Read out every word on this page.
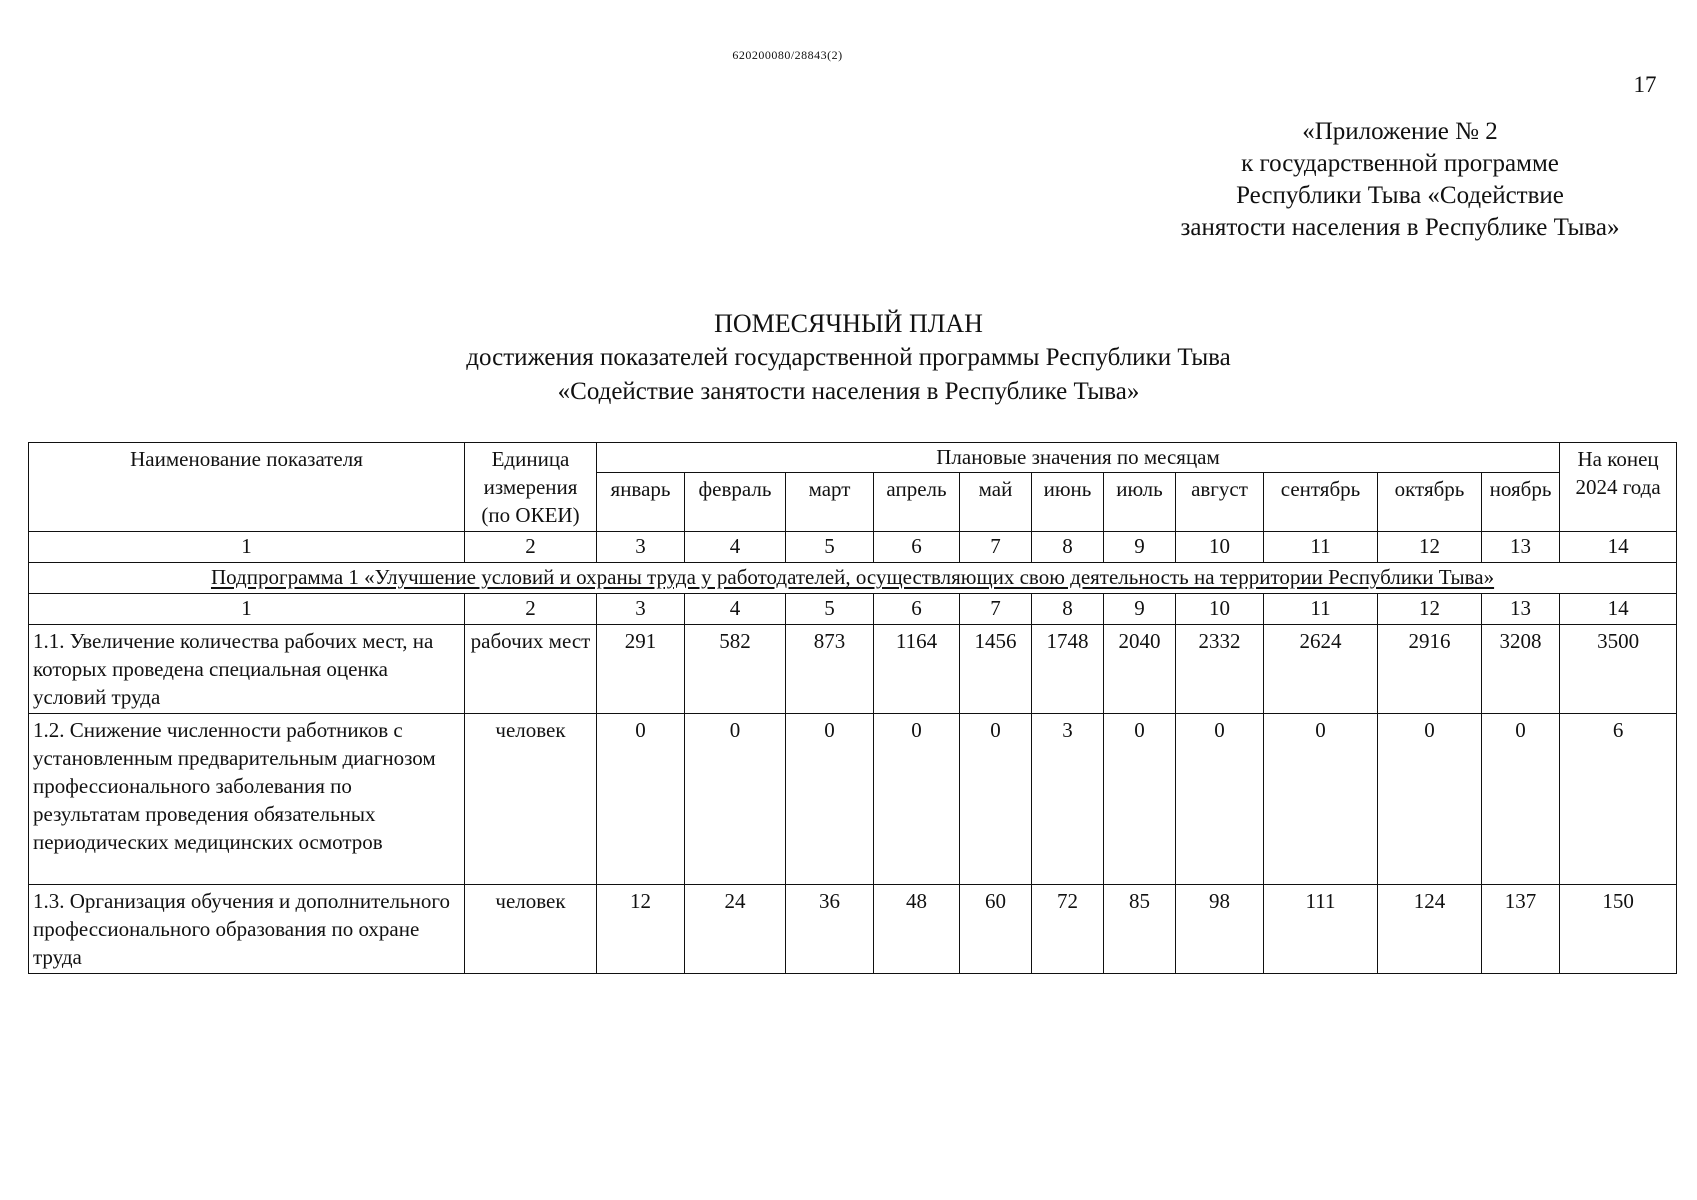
620200080/28843(2)
17
«Приложение № 2
к государственной программе
Республики Тыва «Содействие
занятости населения в Республике Тыва»
ПОМЕСЯЧНЫЙ ПЛАН
достижения показателей государственной программы Республики Тыва
«Содействие занятости населения в Республике Тыва»
Наименование показателя	Единица измерения (по ОКЕИ)	Плановые значения по месяцам											На конец 2024 года
		январь	февраль	март	апрель	май	июнь	июль	август	сентябрь	октябрь	ноябрь	
1	2	3	4	5	6	7	8	9	10	11	12	13	14
Подпрограмма 1 «Улучшение условий и охраны труда у работодателей, осуществляющих свою деятельность на территории Республики Тыва»													
1	2	3	4	5	6	7	8	9	10	11	12	13	14
1.1. Увеличение количества рабочих мест, на которых проведена специальная оценка условий труда	рабочих мест	291	582	873	1164	1456	1748	2040	2332	2624	2916	3208	3500
1.2. Снижение численности работников с установленным предварительным диагнозом профессионального заболевания по результатам проведения обязательных периодических медицинских осмотров	человек	0	0	0	0	0	3	0	0	0	0	0	6
1.3. Организация обучения и дополнительного профессионального образования по охране труда	человек	12	24	36	48	60	72	85	98	111	124	137	150
